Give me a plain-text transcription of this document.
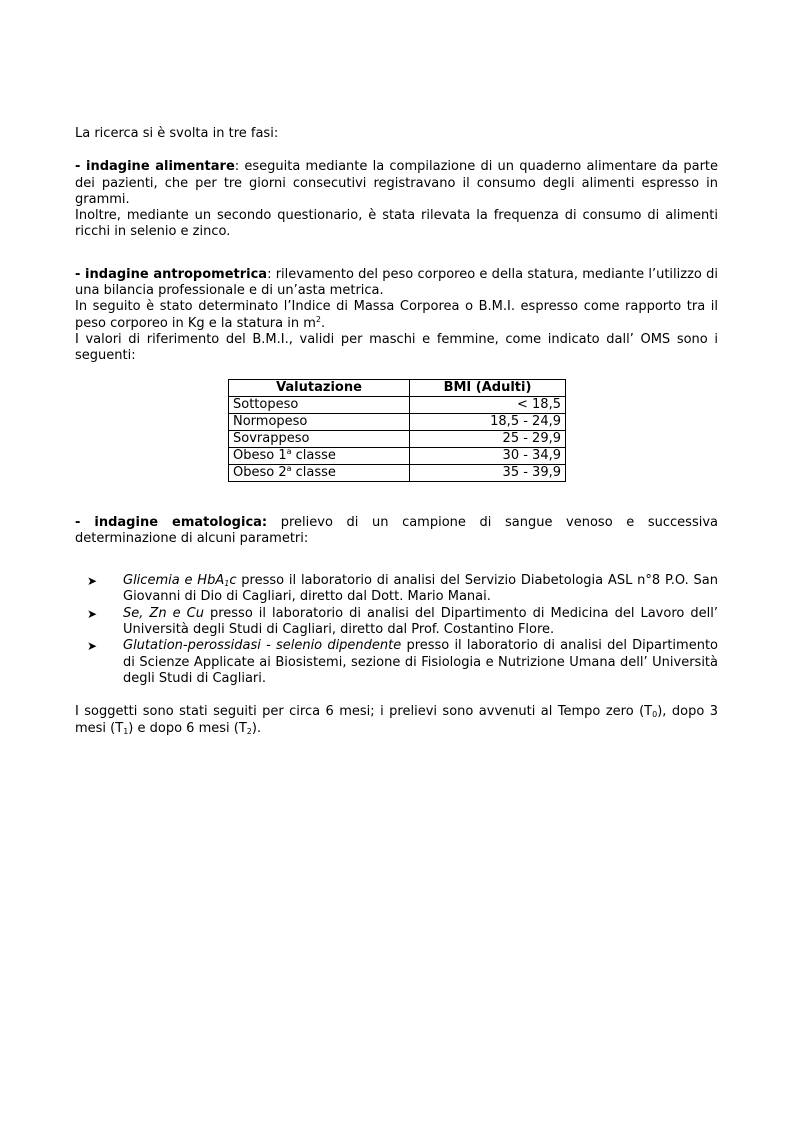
La ricerca si è svolta in tre fasi:

- indagine alimentare: eseguita mediante la compilazione di un quaderno alimentare da parte dei pazienti, che per tre giorni consecutivi registravano il consumo degli alimenti espresso in grammi.

Inoltre, mediante un secondo questionario, è stata rilevata la frequenza di consumo di alimenti ricchi in selenio e zinco.

- indagine antropometrica: rilevamento del peso corporeo e della statura, mediante l’utilizzo di una bilancia professionale e di un’asta metrica.

In seguito è stato determinato l’Indice di Massa Corporea o B.M.I. espresso come rapporto tra il peso corporeo in Kg e la statura in $m^2$.

I valori di riferimento del B.M.I., validi per maschi e femmine, come indicato dall’ OMS sono i seguenti:

Valutazione	BMI (Adulti)
Sottopeso	< 18,5
Normopeso	18,5 - 24,9
Sovrappeso	25 - 29,9
Obeso 1$^a$ classe	30 - 34,9
Obeso 2$^a$ classe	35 - 39,9

- indagine ematologica: prelievo di un campione di sangue venoso e successiva determinazione di alcuni parametri:

➤ Glicemia e HbA$_1$c presso il laboratorio di analisi del Servizio Diabetologia ASL n°8 P.O. San Giovanni di Dio di Cagliari, diretto dal Dott. Mario Manai.
➤ Se, Zn e Cu presso il laboratorio di analisi del Dipartimento di Medicina del Lavoro dell’ Università degli Studi di Cagliari, diretto dal Prof. Costantino Flore.
➤ Glutation-perossidasi - selenio dipendente presso il laboratorio di analisi del Dipartimento di Scienze Applicate ai Biosistemi, sezione di Fisiologia e Nutrizione Umana dell’ Università degli Studi di Cagliari.

I soggetti sono stati seguiti per circa 6 mesi; i prelievi sono avvenuti al Tempo zero $(T_0)$, dopo 3 mesi $(T_1)$ e dopo 6 mesi $(T_2)$.
